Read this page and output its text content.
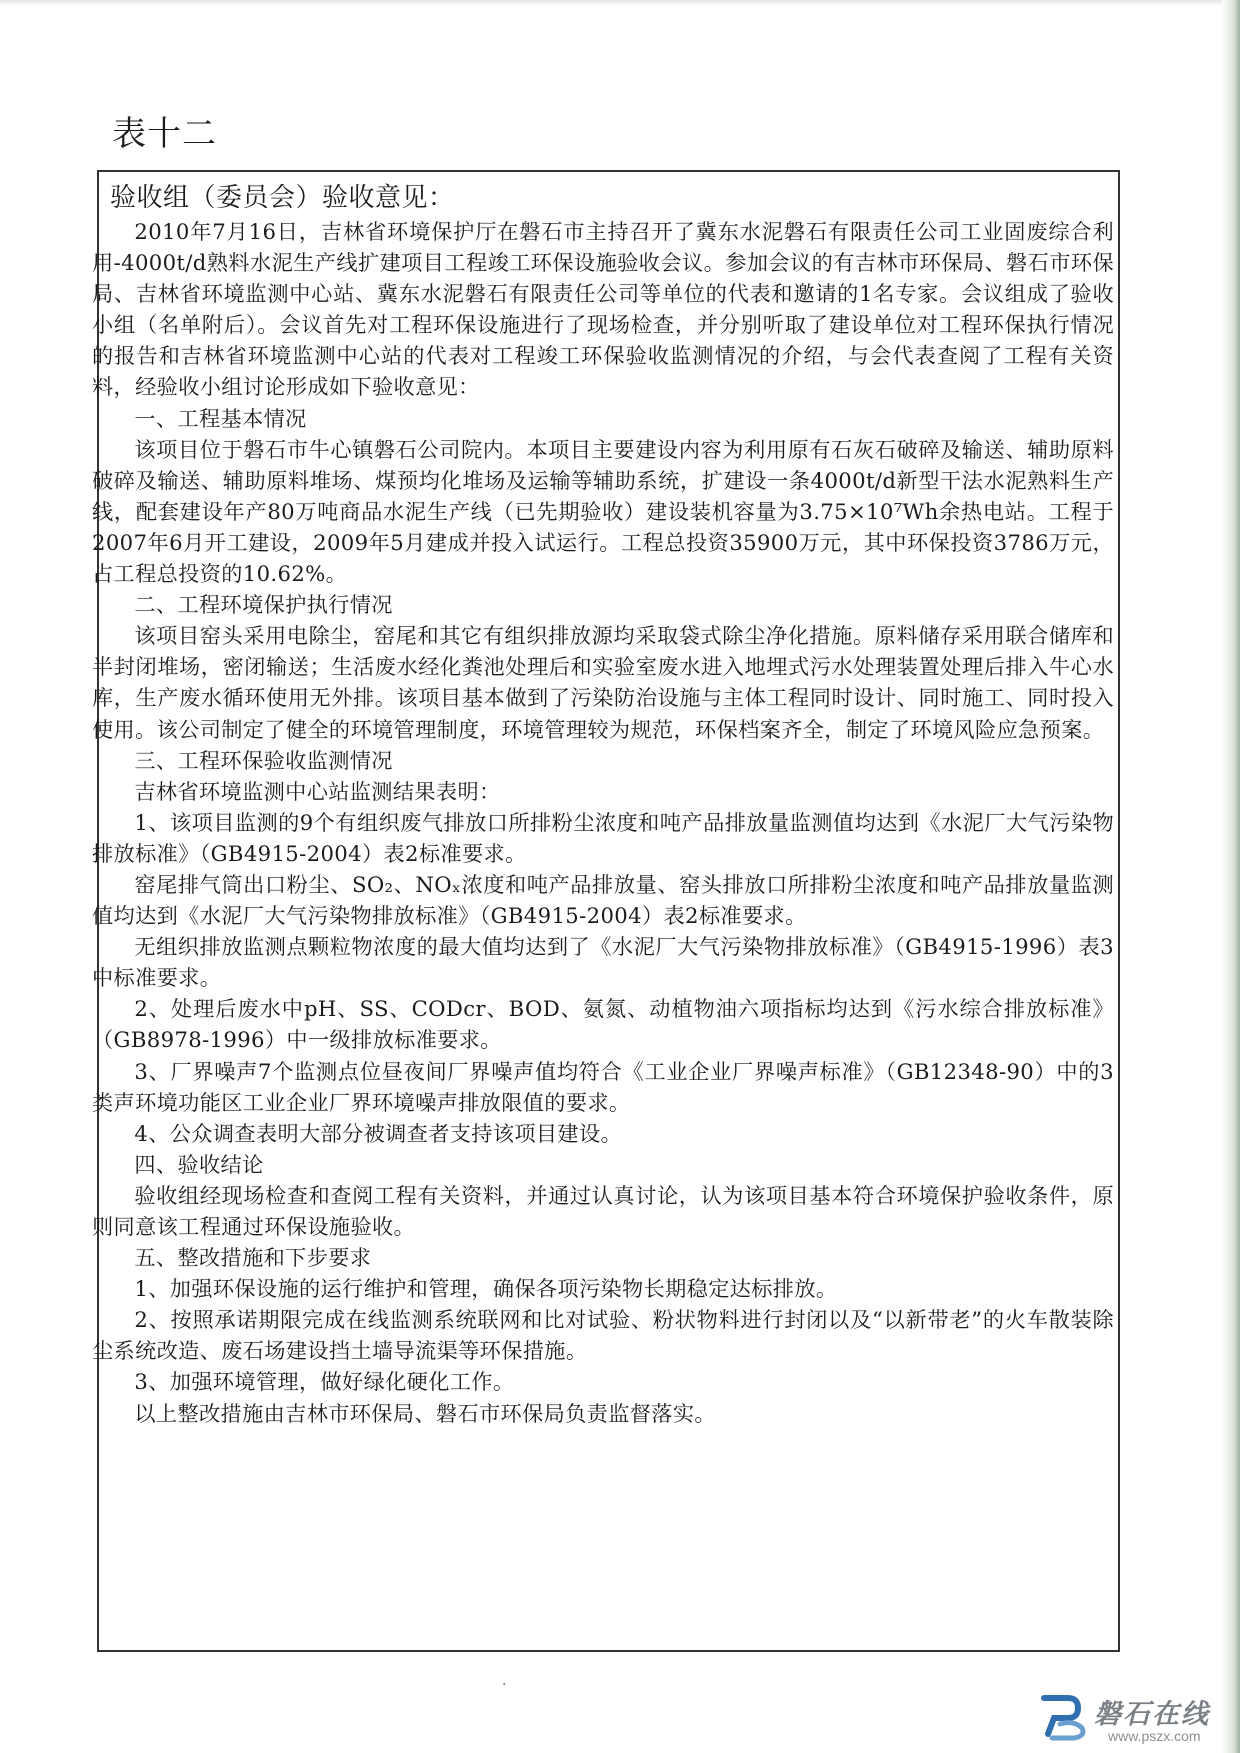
表十二

验收组（委员会）验收意见：

2010年7月16日，吉林省环境保护厅在磐石市主持召开了冀东水泥磐石有限责任公司工业固废综合利用-4000t/d熟料水泥生产线扩建项目工程竣工环保设施验收会议。参加会议的有吉林市环保局、磐石市环保局、吉林省环境监测中心站、冀东水泥磐石有限责任公司等单位的代表和邀请的1名专家。会议组成了验收小组（名单附后）。会议首先对工程环保设施进行了现场检查，并分别听取了建设单位对工程环保执行情况的报告和吉林省环境监测中心站的代表对工程竣工环保验收监测情况的介绍，与会代表查阅了工程有关资料，经验收小组讨论形成如下验收意见：

一、工程基本情况

该项目位于磐石市牛心镇磐石公司院内。本项目主要建设内容为利用原有石灰石破碎及输送、辅助原料破碎及输送、辅助原料堆场、煤预均化堆场及运输等辅助系统，扩建设一条4000t/d新型干法水泥熟料生产线，配套建设年产80万吨商品水泥生产线（已先期验收）建设装机容量为3.75×10⁷Wh余热电站。工程于2007年6月开工建设，2009年5月建成并投入试运行。工程总投资35900万元，其中环保投资3786万元，占工程总投资的10.62%。

二、工程环境保护执行情况

该项目窑头采用电除尘，窑尾和其它有组织排放源均采取袋式除尘净化措施。原料储存采用联合储库和半封闭堆场，密闭输送；生活废水经化粪池处理后和实验室废水进入地埋式污水处理装置处理后排入牛心水库，生产废水循环使用无外排。该项目基本做到了污染防治设施与主体工程同时设计、同时施工、同时投入使用。该公司制定了健全的环境管理制度，环境管理较为规范，环保档案齐全，制定了环境风险应急预案。

三、工程环保验收监测情况

吉林省环境监测中心站监测结果表明：

1、该项目监测的9个有组织废气排放口所排粉尘浓度和吨产品排放量监测值均达到《水泥厂大气污染物排放标准》（GB4915-2004）表2标准要求。

窑尾排气筒出口粉尘、SO₂、NOₓ浓度和吨产品排放量、窑头排放口所排粉尘浓度和吨产品排放量监测值均达到《水泥厂大气污染物排放标准》（GB4915-2004）表2标准要求。

无组织排放监测点颗粒物浓度的最大值均达到了《水泥厂大气污染物排放标准》（GB4915-1996）表3中标准要求。

2、处理后废水中pH、SS、CODcr、BOD、氨氮、动植物油六项指标均达到《污水综合排放标准》（GB8978-1996）中一级排放标准要求。

3、厂界噪声7个监测点位昼夜间厂界噪声值均符合《工业企业厂界噪声标准》（GB12348-90）中的3类声环境功能区工业企业厂界环境噪声排放限值的要求。

4、公众调查表明大部分被调查者支持该项目建设。

四、验收结论

验收组经现场检查和查阅工程有关资料，并通过认真讨论，认为该项目基本符合环境保护验收条件，原则同意该工程通过环保设施验收。

五、整改措施和下步要求

1、加强环保设施的运行维护和管理，确保各项污染物长期稳定达标排放。

2、按照承诺期限完成在线监测系统联网和比对试验、粉状物料进行封闭以及“以新带老”的火车散装除尘系统改造、废石场建设挡土墙导流渠等环保措施。

3、加强环境管理，做好绿化硬化工作。

以上整改措施由吉林市环保局、磐石市环保局负责监督落实。

·
磐石在线
www.pszx.com
